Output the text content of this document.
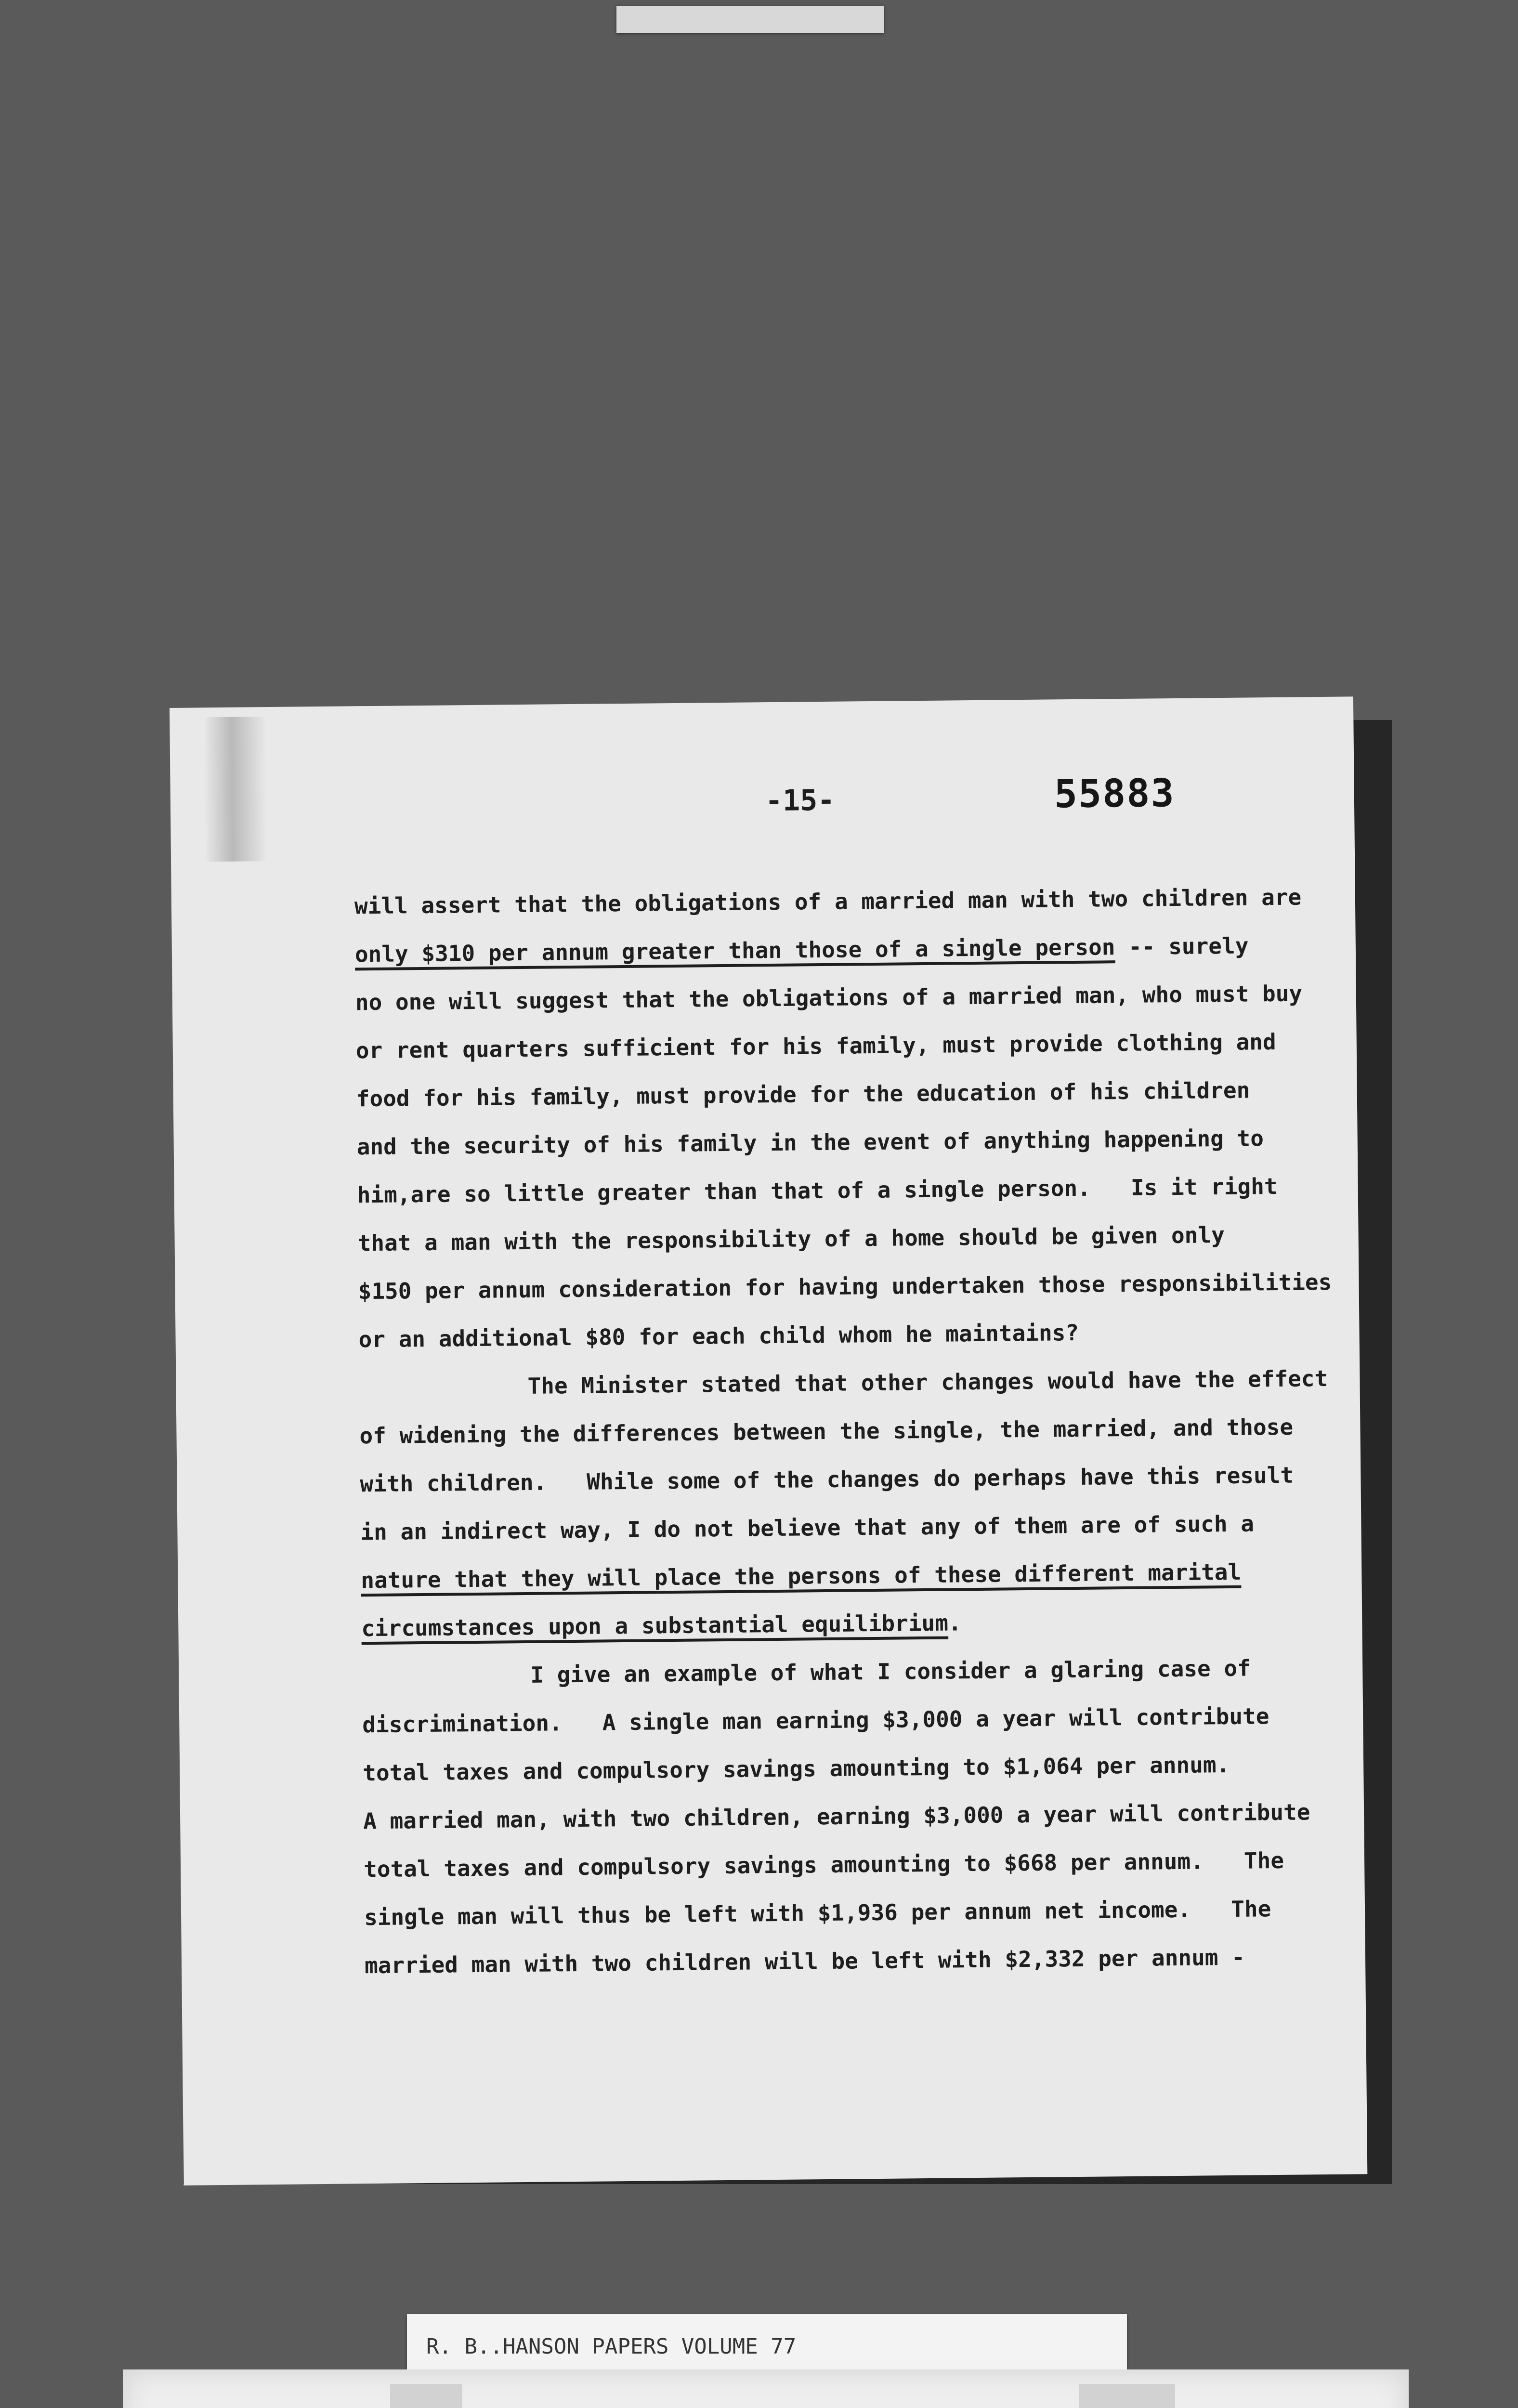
-15-	55883
will assert that the obligations of a married man with two children are
only $310 per annum greater than those of a single person -- surely
no one will suggest that the obligations of a married man, who must buy
or rent quarters sufficient for his family, must provide clothing and
food for his family, must provide for the education of his children
and the security of his family in the event of anything happening to
him,are so little greater than that of a single person.   Is it right
that a man with the responsibility of a home should be given only
$150 per annum consideration for having undertaken those responsibilities
or an additional $80 for each child whom he maintains?
The Minister stated that other changes would have the effect
of widening the differences between the single, the married, and those
with children.   While some of the changes do perhaps have this result
in an indirect way, I do not believe that any of them are of such a
nature that they will place the persons of these different marital
circumstances upon a substantial equilibrium.
I give an example of what I consider a glaring case of
discrimination.   A single man earning $3,000 a year will contribute
total taxes and compulsory savings amounting to $1,064 per annum.
A married man, with two children, earning $3,000 a year will contribute
total taxes and compulsory savings amounting to $668 per annum.   The
single man will thus be left with $1,936 per annum net income.   The
married man with two children will be left with $2,332 per annum -
R. B..HANSON PAPERS VOLUME 77
